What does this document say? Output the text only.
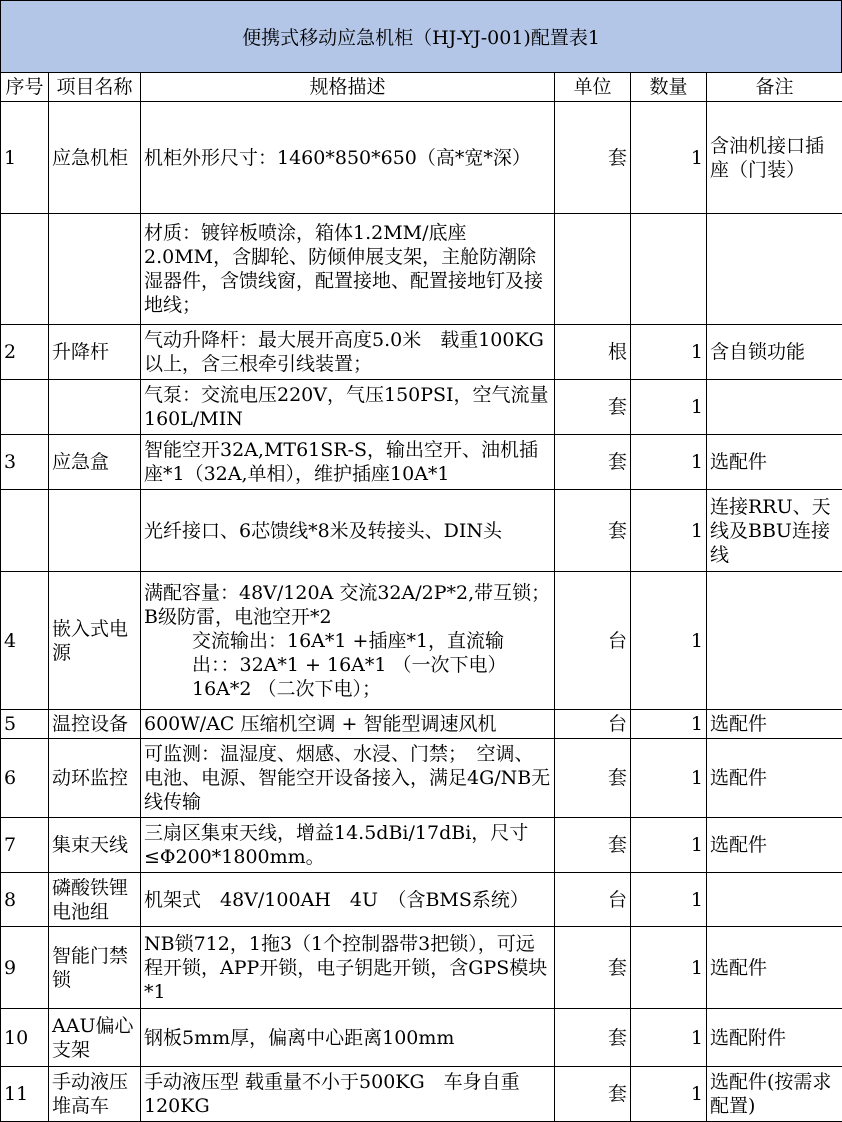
便携式移动应急机柜（HJ-YJ-001)配置表1
序号	项目名称	规格描述	单位	数量	备注
1	应急机柜	机柜外形尺寸：1460*850*650（高*宽*深）	套	1	含油机接口插座（门装）
		材质：镀锌板喷涂，箱体1.2MM/底座2.0MM，含脚轮、防倾伸展支架，主舱防潮除湿器件，含馈线窗，配置接地、配置接地钉及接地线；			
2	升降杆	气动升降杆：最大展开高度5.0米　载重100KG以上，含三根牵引线装置；	根	1	含自锁功能
		气泵：交流电压220V，气压150PSI，空气流量160L/MIN	套	1	
3	应急盒	智能空开32A,MT61SR-S，输出空开、油机插座*1（32A,单相），维护插座10A*1	套	1	选配件
		光纤接口、6芯馈线*8米及转接头、DIN头	套	1	连接RRU、天线及BBU连接线
4	嵌入式电源	满配容量：48V/120A 交流32A/2P*2,带互锁；B级防雷，电池空开*2
交流输出：16A*1 +插座*1，直流输出：：32A*1 + 16A*1 （一次下电）16A*2 （二次下电）；	台	1	
5	温控设备	600W/AC 压缩机空调 + 智能型调速风机	台	1	选配件
6	动环监控	可监测：温湿度、烟感、水浸、门禁；　空调、电池、电源、智能空开设备接入，满足4G/NB无线传输	套	1	选配件
7	集束天线	三扇区集束天线，增益14.5dBi/17dBi，尺寸≤Φ200*1800mm。	套	1	选配件
8	磷酸铁锂电池组	机架式　48V/100AH　4U　（含BMS系统）	台	1	
9	智能门禁锁	NB锁712，1拖3（1个控制器带3把锁），可远程开锁，APP开锁，电子钥匙开锁，含GPS模块*1	套	1	选配件
10	AAU偏心支架	钢板5mm厚，偏离中心距离100mm	套	1	选配附件
11	手动液压堆高车	手动液压型 载重量不小于500KG　车身自重120KG	套	1	选配件(按需求配置)
